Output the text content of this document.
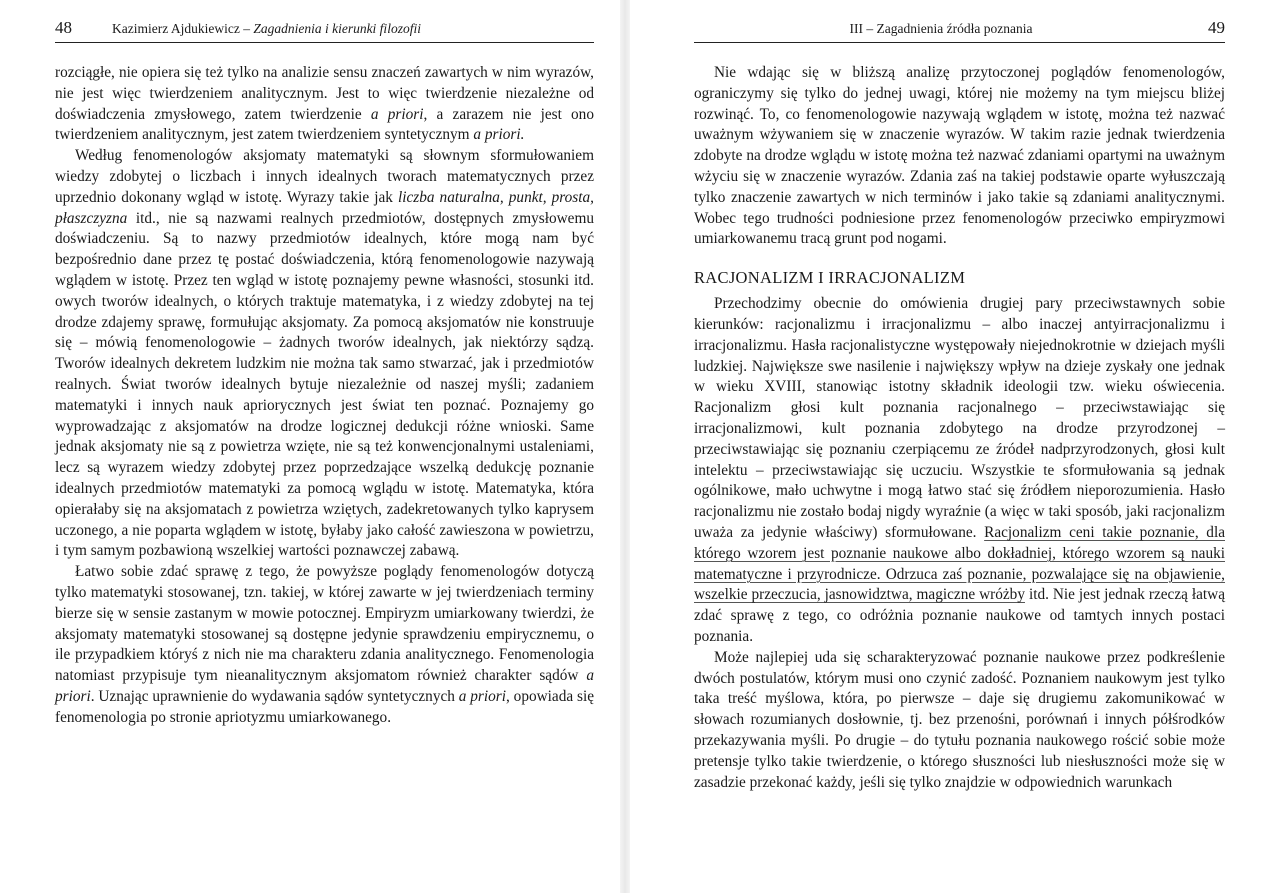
48	Kazimierz Ajdukiewicz – Zagadnienia i kierunki filozofii

rozciągłe, nie opiera się też tylko na analizie sensu znaczeń zawartych w nim wyrazów, nie jest więc twierdzeniem analitycznym. Jest to więc twierdzenie niezależne od doświadczenia zmysłowego, zatem twierdzenie a priori, a zarazem nie jest ono twierdzeniem analitycznym, jest zatem twierdzeniem syntetycznym a priori.

Według fenomenologów aksjomaty matematyki są słownym sformułowaniem wiedzy zdobytej o liczbach i innych idealnych tworach matematycznych przez uprzednio dokonany wgląd w istotę. Wyrazy takie jak liczba naturalna, punkt, prosta, płaszczyzna itd., nie są nazwami realnych przedmiotów, dostępnych zmysłowemu doświadczeniu. Są to nazwy przedmiotów idealnych, które mogą nam być bezpośrednio dane przez tę postać doświadczenia, którą fenomenologowie nazywają wglądem w istotę. Przez ten wgląd w istotę poznajemy pewne własności, stosunki itd. owych tworów idealnych, o których traktuje matematyka, i z wiedzy zdobytej na tej drodze zdajemy sprawę, formułując aksjomaty. Za pomocą aksjomatów nie konstruuje się – mówią fenomenologowie – żadnych tworów idealnych, jak niektórzy sądzą. Tworów idealnych dekretem ludzkim nie można tak samo stwarzać, jak i przedmiotów realnych. Świat tworów idealnych bytuje niezależnie od naszej myśli; zadaniem matematyki i innych nauk apriorycznych jest świat ten poznać. Poznajemy go wyprowadzając z aksjomatów na drodze logicznej dedukcji różne wnioski. Same jednak aksjomaty nie są z powietrza wzięte, nie są też konwencjonalnymi ustaleniami, lecz są wyrazem wiedzy zdobytej przez poprzedzające wszelką dedukcję poznanie idealnych przedmiotów matematyki za pomocą wglądu w istotę. Matematyka, która opierałaby się na aksjomatach z powietrza wziętych, zadekretowanych tylko kaprysem uczonego, a nie poparta wglądem w istotę, byłaby jako całość zawieszona w powietrzu, i tym samym pozbawioną wszelkiej wartości poznawczej zabawą.

Łatwo sobie zdać sprawę z tego, że powyższe poglądy fenomenologów dotyczą tylko matematyki stosowanej, tzn. takiej, w której zawarte w jej twierdzeniach terminy bierze się w sensie zastanym w mowie potocznej. Empiryzm umiarkowany twierdzi, że aksjomaty matematyki stosowanej są dostępne jedynie sprawdzeniu empirycznemu, o ile przypadkiem któryś z nich nie ma charakteru zdania analitycznego. Fenomenologia natomiast przypisuje tym nieanalitycznym aksjomatom również charakter sądów a priori. Uznając uprawnienie do wydawania sądów syntetycznych a priori, opowiada się fenomenologia po stronie apriotyzmu umiarkowanego.

III – Zagadnienia źródła poznania	49

Nie wdając się w bliższą analizę przytoczonej poglądów fenomenologów, ograniczymy się tylko do jednej uwagi, której nie możemy na tym miejscu bliżej rozwinąć. To, co fenomenologowie nazywają wglądem w istotę, można też nazwać uważnym wżywaniem się w znaczenie wyrazów. W takim razie jednak twierdzenia zdobyte na drodze wglądu w istotę można też nazwać zdaniami opartymi na uważnym wżyciu się w znaczenie wyrazów. Zdania zaś na takiej podstawie oparte wyłuszczają tylko znaczenie zawartych w nich terminów i jako takie są zdaniami analitycznymi. Wobec tego trudności podniesione przez fenomenologów przeciwko empiryzmowi umiarkowanemu tracą grunt pod nogami.

RACJONALIZM I IRRACJONALIZM

Przechodzimy obecnie do omówienia drugiej pary przeciwstawnych sobie kierunków: racjonalizmu i irracjonalizmu – albo inaczej antyirracjonalizmu i irracjonalizmu. Hasła racjonalistyczne występowały niejednokrotnie w dziejach myśli ludzkiej. Największe swe nasilenie i największy wpływ na dzieje zyskały one jednak w wieku XVIII, stanowiąc istotny składnik ideologii tzw. wieku oświecenia. Racjonalizm głosi kult poznania racjonalnego – przeciwstawiając się irracjonalizmowi, kult poznania zdobytego na drodze przyrodzonej – przeciwstawiając się poznaniu czerpiącemu ze źródeł nadprzyrodzonych, głosi kult intelektu – przeciwstawiając się uczuciu. Wszystkie te sformułowania są jednak ogólnikowe, mało uchwytne i mogą łatwo stać się źródłem nieporozumienia. Hasło racjonalizmu nie zostało bodaj nigdy wyraźnie (a więc w taki sposób, jaki racjonalizm uważa za jedynie właściwy) sformułowane. Racjonalizm ceni takie poznanie, dla którego wzorem jest poznanie naukowe albo dokładniej, którego wzorem są nauki matematyczne i przyrodnicze. Odrzuca zaś poznanie, pozwalające się na objawienie, wszelkie przeczucia, jasnowidztwa, magiczne wróżby itd. Nie jest jednak rzeczą łatwą zdać sprawę z tego, co odróżnia poznanie naukowe od tamtych innych postaci poznania.

Może najlepiej uda się scharakteryzować poznanie naukowe przez podkreślenie dwóch postulatów, którym musi ono czynić zadość. Poznaniem naukowym jest tylko taka treść myślowa, która, po pierwsze – daje się drugiemu zakomunikować w słowach rozumianych dosłownie, tj. bez przenośni, porównań i innych półśrodków przekazywania myśli. Po drugie – do tytułu poznania naukowego rościć sobie może pretensje tylko takie twierdzenie, o którego słuszności lub niesłuszności może się w zasadzie przekonać każdy, jeśli się tylko znajdzie w odpowiednich warunkach
